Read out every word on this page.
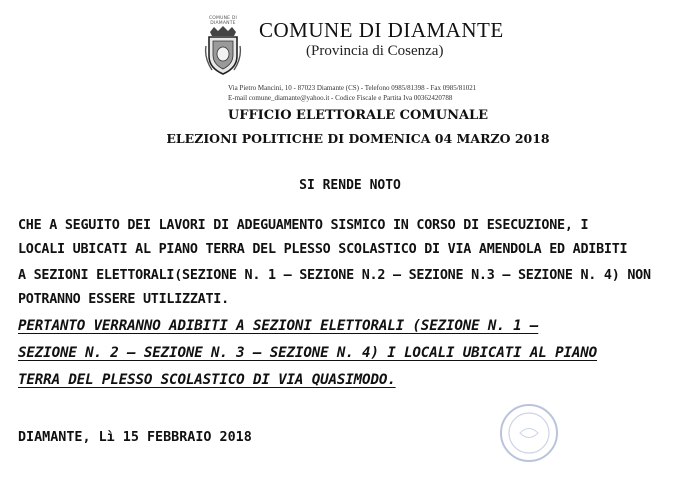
COMUNE DI DIAMANTE	COMUNE DI DIAMANTE
(Provincia di Cosenza)
Via Pietro Mancini, 10 - 87023 Diamante (CS) - Telefono 0985/81398 - Fax 0985/81021
E-mail comune_diamante@yahoo.it - Codice Fiscale e Partita Iva 00362420788
UFFICIO ELETTORALE COMUNALE
ELEZIONI POLITICHE DI DOMENICA 04 MARZO 2018
SI RENDE NOTO
CHE A SEGUITO DEI LAVORI DI ADEGUAMENTO SISMICO IN CORSO DI ESECUZIONE, I
LOCALI UBICATI AL PIANO TERRA DEL PLESSO SCOLASTICO DI VIA AMENDOLA ED ADIBITI
A SEZIONI ELETTORALI(SEZIONE N. 1 – SEZIONE N.2 – SEZIONE N.3 – SEZIONE N. 4) NON
POTRANNO ESSERE UTILIZZATI.
PERTANTO VERRANNO ADIBITI A SEZIONI ELETTORALI (SEZIONE N. 1 –
SEZIONE N. 2 – SEZIONE N. 3 – SEZIONE N. 4) I LOCALI UBICATI AL PIANO
TERRA DEL PLESSO SCOLASTICO DI VIA QUASIMODO.
DIAMANTE, Lì 15 FEBBRAIO 2018
